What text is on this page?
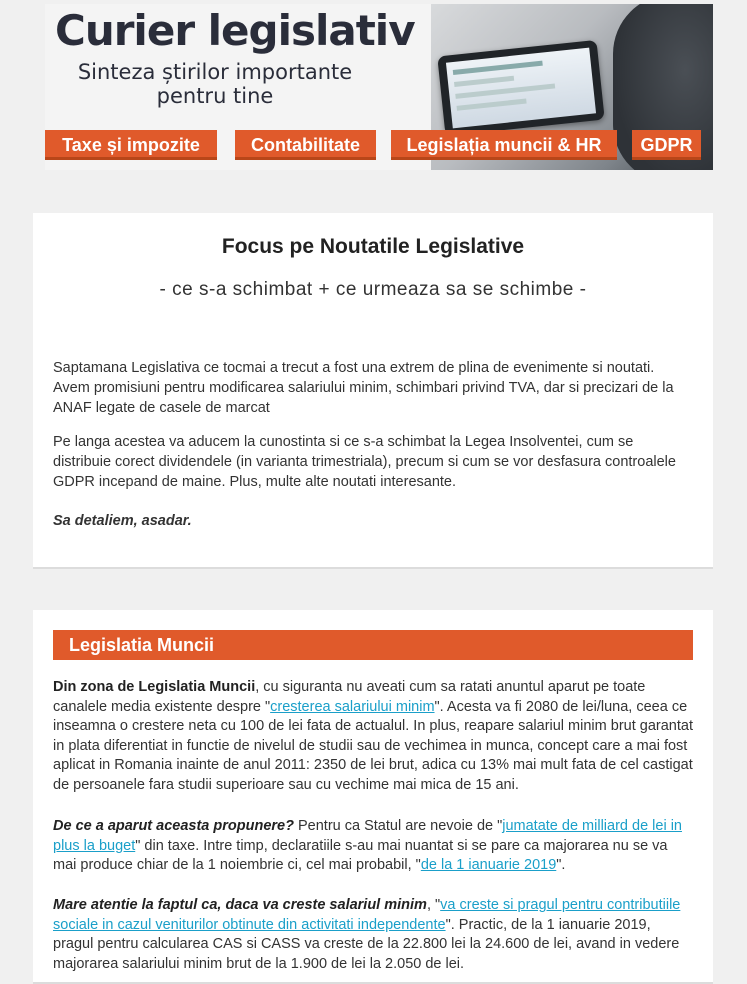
Curier legislativ
Sinteza știrilor importante
pentru tine
Taxe și impozite	Contabilitate	Legislația muncii & HR	GDPR
Focus pe Noutatile Legislative
- ce s-a schimbat + ce urmeaza sa se schimbe -
Saptamana Legislativa ce tocmai a trecut a fost una extrem de plina de evenimente si noutati. Avem promisiuni pentru modificarea salariului minim, schimbari privind TVA, dar si precizari de la ANAF legate de casele de marcat
Pe langa acestea va aducem la cunostinta si ce s-a schimbat la Legea Insolventei, cum se distribuie corect dividendele (in varianta trimestriala), precum si cum se vor desfasura controalele GDPR incepand de maine. Plus, multe alte noutati interesante.
Sa detaliem, asadar.
Legislatia Muncii
Din zona de Legislatia Muncii, cu siguranta nu aveati cum sa ratati anuntul aparut pe toate canalele media existente despre "cresterea salariului minim". Acesta va fi 2080 de lei/luna, ceea ce inseamna o crestere neta cu 100 de lei fata de actualul. In plus, reapare salariul minim brut garantat in plata diferentiat in functie de nivelul de studii sau de vechimea in munca, concept care a mai fost aplicat in Romania inainte de anul 2011: 2350 de lei brut, adica cu 13% mai mult fata de cel castigat de persoanele fara studii superioare sau cu vechime mai mica de 15 ani.
De ce a aparut aceasta propunere? Pentru ca Statul are nevoie de "jumatate de milliard de lei in plus la buget" din taxe. Intre timp, declaratiile s-au mai nuantat si se pare ca majorarea nu se va mai produce chiar de la 1 noiembrie ci, cel mai probabil, "de la 1 ianuarie 2019".
Mare atentie la faptul ca, daca va creste salariul minim, "va creste si pragul pentru contributiile sociale in cazul veniturilor obtinute din activitati independente". Practic, de la 1 ianuarie 2019, pragul pentru calcularea CAS si CASS va creste de la 22.800 lei la 24.600 de lei, avand in vedere majorarea salariului minim brut de la 1.900 de lei la 2.050 de lei.
